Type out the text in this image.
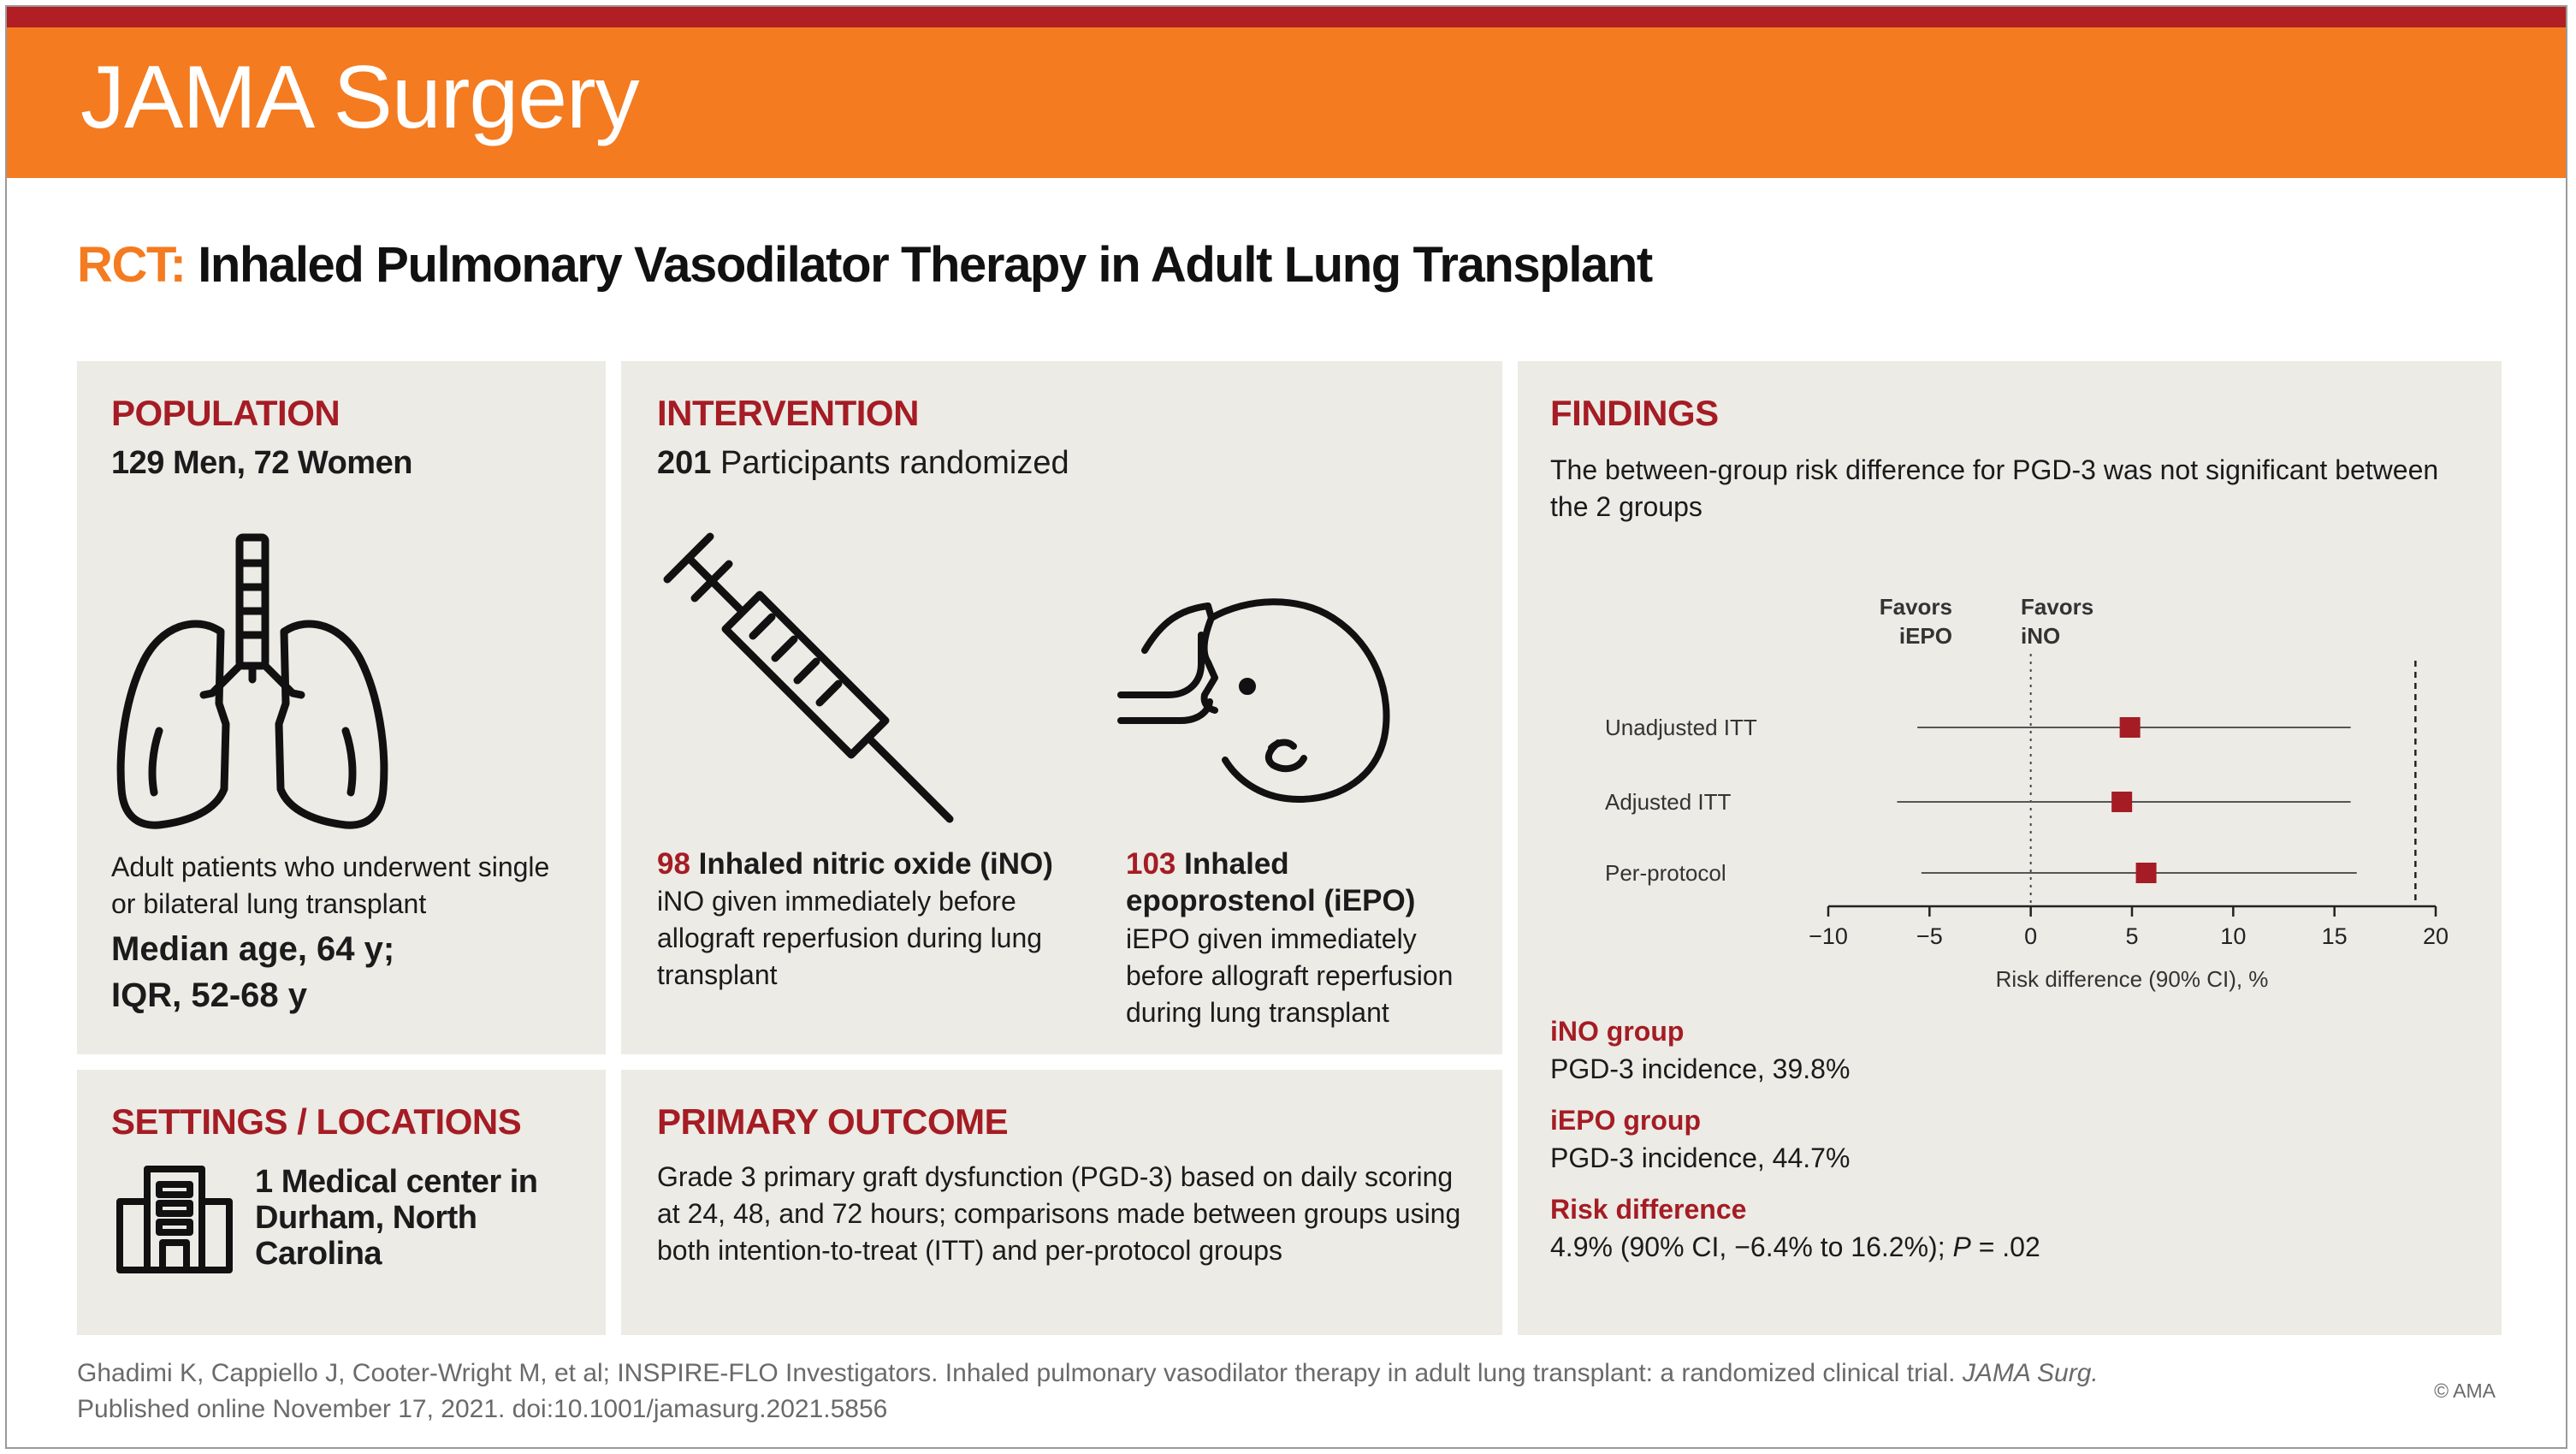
JAMA Surgery
RCT: Inhaled Pulmonary Vasodilator Therapy in Adult Lung Transplant
POPULATION

129 Men, 72 Women

Adult patients who underwent single or bilateral lung transplant

Median age, 64 y;

IQR, 52-68 y

INTERVENTION

201 Participants randomized

98 Inhaled nitric oxide (iNO)

iNO given immediately before allograft reperfusion during lung transplant

103 Inhaled
epoprostenol (iEPO)

iEPO given immediately before allograft reperfusion during lung transplant

SETTINGS / LOCATIONS

1 Medical center in Durham, North Carolina

PRIMARY OUTCOME

Grade 3 primary graft dysfunction (PGD-3) based on daily scoring at 24, 48, and 72 hours; comparisons made between groups using both intention-to-treat (ITT) and per-protocol groups

FINDINGS

The between-group risk difference for PGD-3 was not significant between the 2 groups

Favors
iEPO
Favors
iNO
−10	−5	0	5	10	15	20
Risk difference (90% CI), %
Unadjusted ITT
Adjusted ITT
Per-protocol

iNO group

PGD-3 incidence, 39.8%

iEPO group

PGD-3 incidence, 44.7%

Risk difference

4.9% (90% CI, −6.4% to 16.2%); P = .02

Ghadimi K, Cappiello J, Cooter-Wright M, et al; INSPIRE-FLO Investigators. Inhaled pulmonary vasodilator therapy in adult lung transplant: a randomized clinical trial. JAMA Surg.
Published online November 17, 2021. doi:10.1001/jamasurg.2021.5856

© AMA
